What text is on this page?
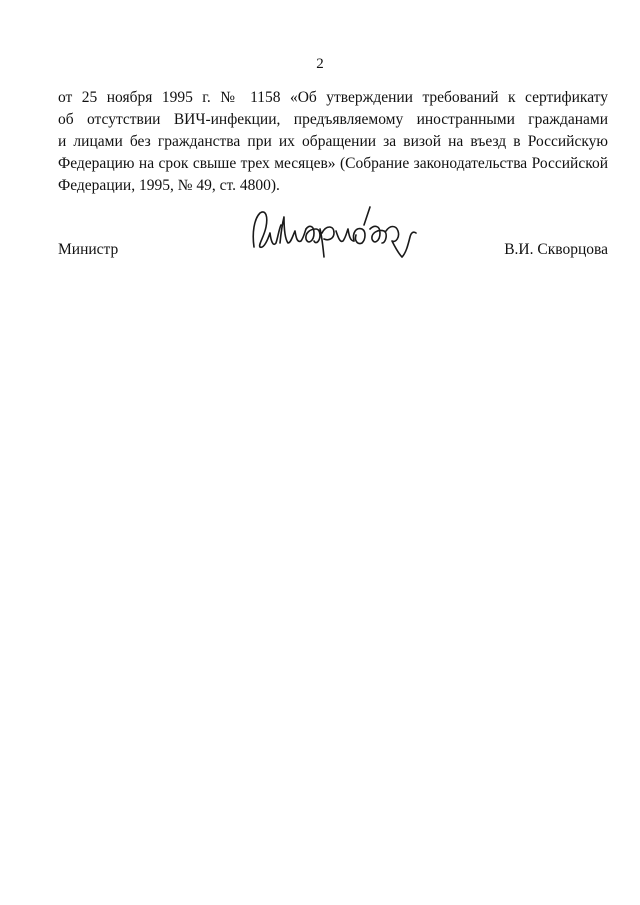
2
от 25 ноября 1995 г. № 1158 «Об утверждении требований к сертификату
об отсутствии ВИЧ-инфекции, предъявляемому иностранными гражданами
и лицами без гражданства при их обращении за визой на въезд в Российскую
Федерацию на срок свыше трех месяцев» (Собрание законодательства Российской
Федерации, 1995, № 49, ст. 4800).
Министр	В.И. Скворцова
